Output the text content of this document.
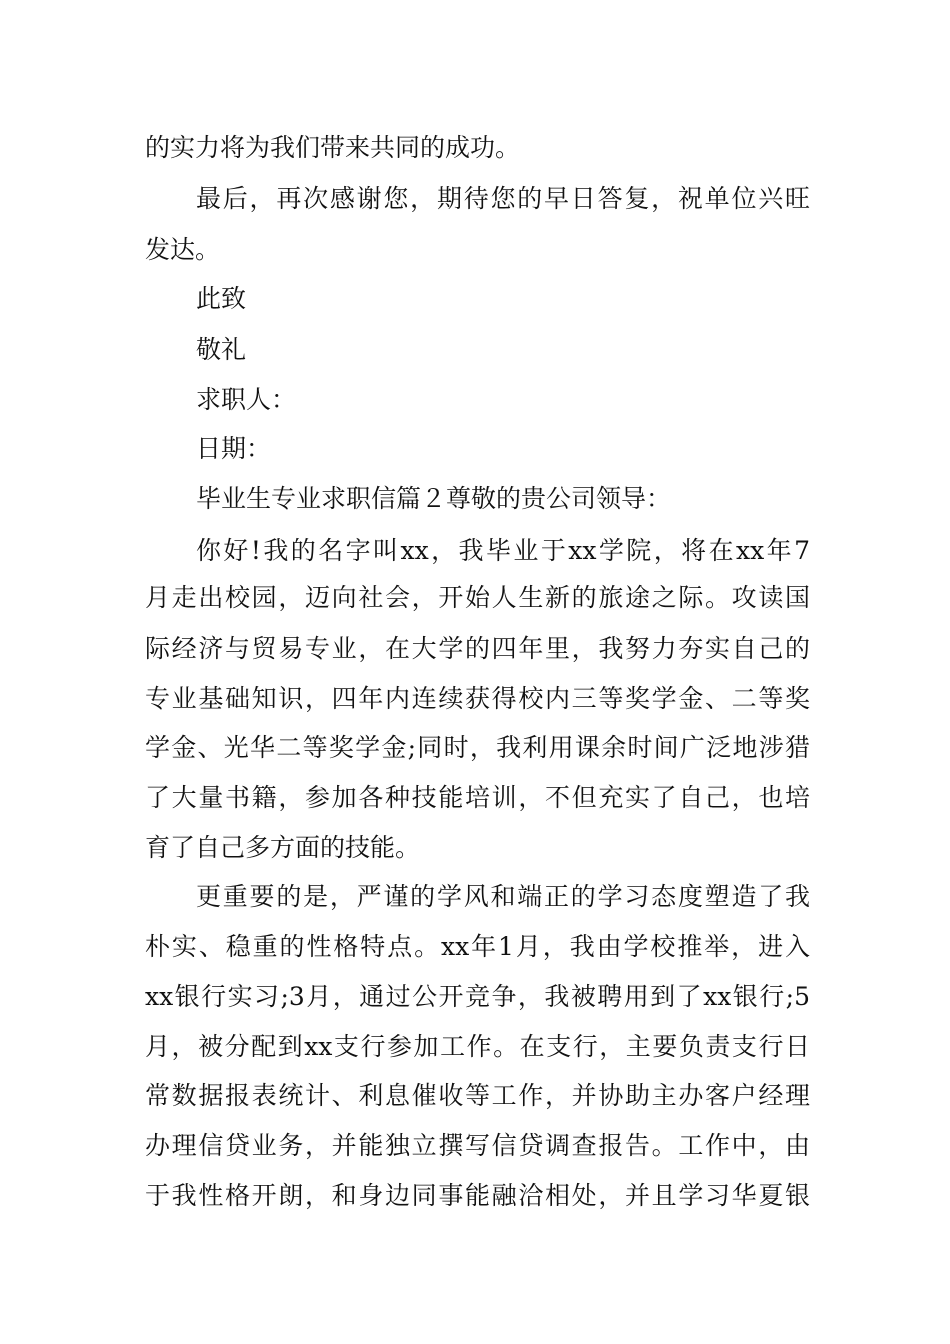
的实力将为我们带来共同的成功。
最后，再次感谢您，期待您的早日答复，祝单位兴旺
发达。
此致
敬礼
求职人：
日期：
毕业生专业求职信篇２尊敬的贵公司领导：
你好!我的名字叫xx，我毕业于xx学院，将在xx年7
月走出校园，迈向社会，开始人生新的旅途之际。攻读国
际经济与贸易专业，在大学的四年里，我努力夯实自己的
专业基础知识，四年内连续获得校内三等奖学金、二等奖
学金、光华二等奖学金;同时，我利用课余时间广泛地涉猎
了大量书籍，参加各种技能培训，不但充实了自己，也培
育了自己多方面的技能。
更重要的是，严谨的学风和端正的学习态度塑造了我
朴实、稳重的性格特点。xx年1月，我由学校推举，进入
xx银行实习;3月，通过公开竞争，我被聘用到了xx银行;5
月，被分配到xx支行参加工作。在支行，主要负责支行日
常数据报表统计、利息催收等工作，并协助主办客户经理
办理信贷业务，并能独立撰写信贷调查报告。工作中，由
于我性格开朗，和身边同事能融洽相处，并且学习华夏银
